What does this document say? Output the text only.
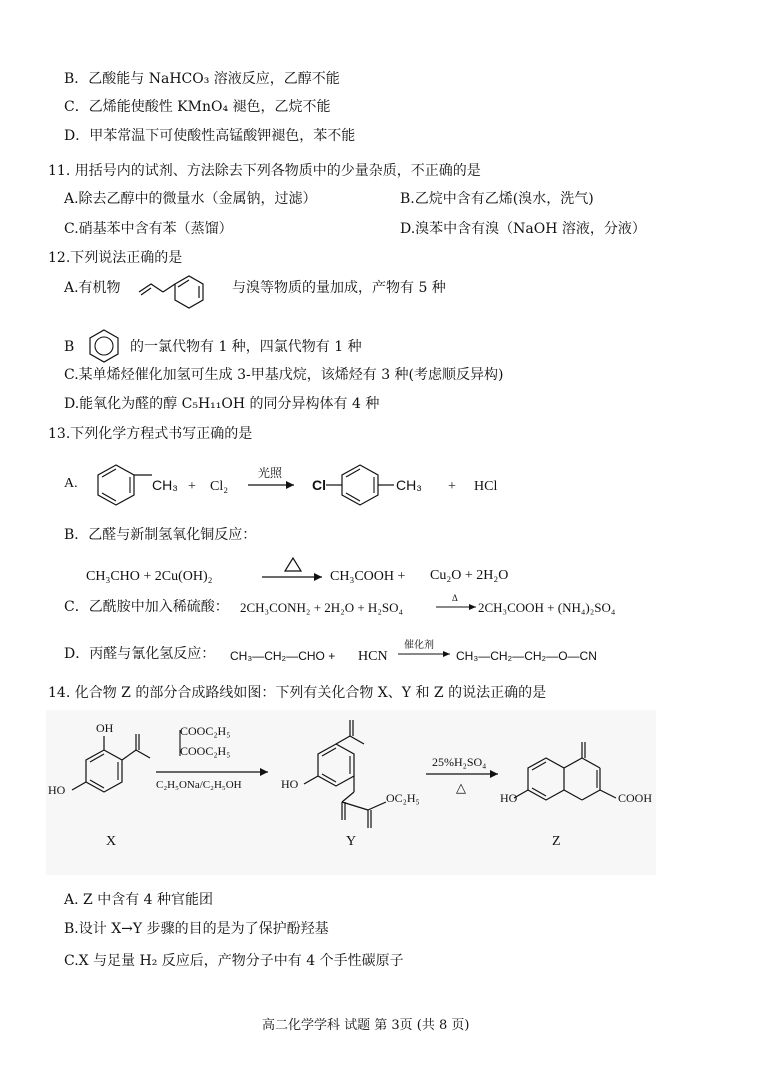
B．乙酸能与 NaHCO₃ 溶液反应，乙醇不能
C．乙烯能使酸性 KMnO₄ 褪色，乙烷不能
D．甲苯常温下可使酸性高锰酸钾褪色，苯不能
11. 用括号内的试剂、方法除去下列各物质中的少量杂质，不正确的是
A.除去乙醇中的微量水（金属钠，过滤）	B.乙烷中含有乙烯(溴水，洗气)
C.硝基苯中含有苯（蒸馏）	D.溴苯中含有溴（NaOH 溶液，分液）
12.下列说法正确的是
A.有机物	与溴等物质的量加成，产物有 5 种
B	的一氯代物有 1 种，四氯代物有 1 种
C.某单烯烃催化加氢可生成 3-甲基戊烷，该烯烃有 3 种(考虑顺反异构)
D.能氧化为醛的醇 C₅H₁₁OH 的同分异构体有 4 种
13.下列化学方程式书写正确的是
A.	CH₃ + Cl₂
光照
Cl	CH₃ + HCl
B．乙醛与新制氢氧化铜反应：
CH₃CHO + 2Cu(OH)₂	CH₃COOH + Cu₂O + 2H₂O
C．乙酰胺中加入稀硫酸： 2CH₃CONH₂ + 2H₂O + H₂SO₄
Δ
2CH₃COOH + (NH₄)₂SO₄
D．丙醛与氰化氢反应： CH₃—CH₂—CHO + HCN
催化剂
CH₃—CH₂—CH₂—O—CN
14. 化合物 Z 的部分合成路线如图：下列有关化合物 X、Y 和 Z 的说法正确的是
OH
HO
X
COOC₂H₅
COOC₂H₅
C₂H₅ONa/C₂H₅OH	HO
OC₂H₅
Y
25%H₂SO₄
△
COOH
HO
Z
A. Z 中含有 4 种官能团
B.设计 X→Y 步骤的目的是为了保护酚羟基
C.X 与足量 H₂ 反应后，产物分子中有 4 个手性碳原子
高二化学学科 试题 第 3页 (共 8 页)
